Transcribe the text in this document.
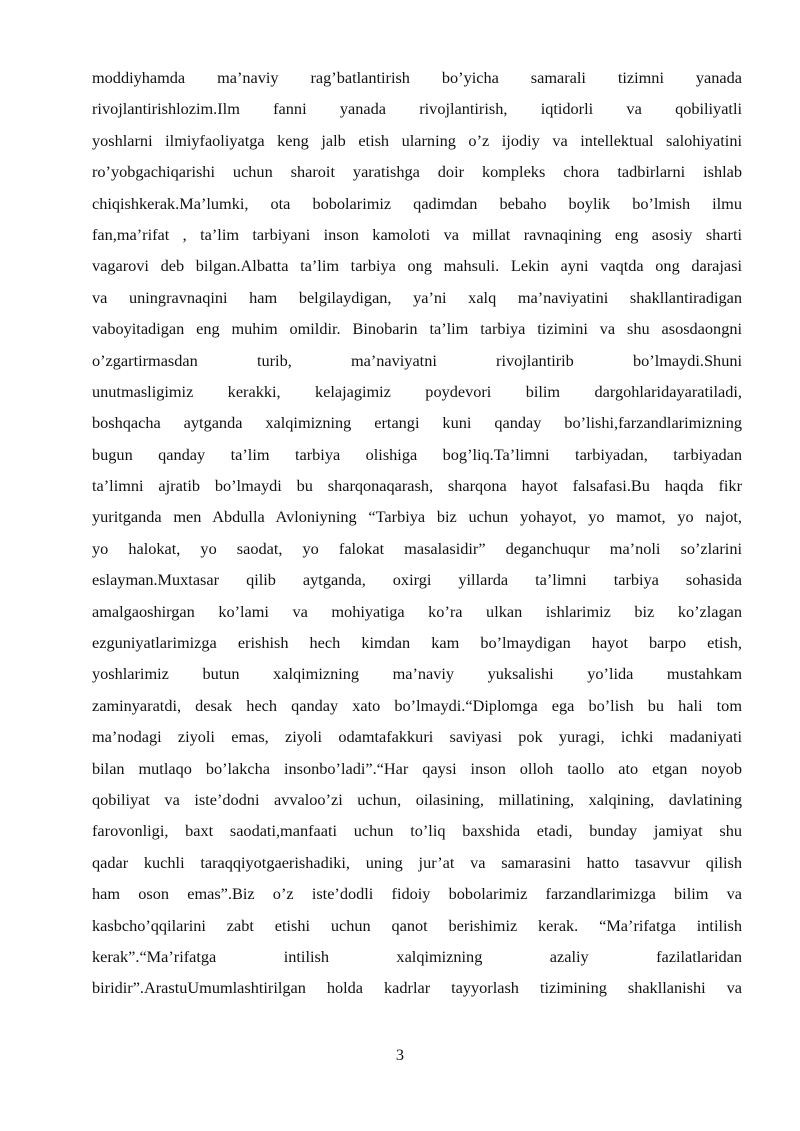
moddiyhamda ma’naviy rag’batlantirish bo’yicha samarali tizimni yanada
rivojlantirishlozim.Ilm fanni yanada rivojlantirish, iqtidorli va qobiliyatli
yoshlarni ilmiyfaoliyatga keng jalb etish ularning o’z ijodiy va intellektual salohiyatini
ro’yobgachiqarishi uchun sharoit yaratishga doir kompleks chora tadbirlarni ishlab
chiqishkerak.Ma’lumki, ota bobolarimiz qadimdan bebaho boylik bo’lmish ilmu
fan,ma’rifat , ta’lim tarbiyani inson kamoloti va millat ravnaqining eng asosiy sharti
vagarovi deb bilgan.Albatta ta’lim tarbiya ong mahsuli. Lekin ayni vaqtda ong darajasi
va uningravnaqini ham belgilaydigan, ya’ni xalq ma’naviyatini shakllantiradigan
vaboyitadigan eng muhim omildir. Binobarin ta’lim tarbiya tizimini va shu asosdaongni
o’zgartirmasdan turib, ma’naviyatni rivojlantirib bo’lmaydi.Shuni
unutmasligimiz kerakki, kelajagimiz poydevori bilim dargohlaridayaratiladi,
boshqacha aytganda xalqimizning ertangi kuni qanday bo’lishi,farzandlarimizning
bugun qanday ta’lim tarbiya olishiga bog’liq.Ta’limni tarbiyadan, tarbiyadan
ta’limni ajratib bo’lmaydi bu sharqonaqarash, sharqona hayot falsafasi.Bu haqda fikr
yuritganda men Abdulla Avloniyning “Tarbiya biz uchun yohayot, yo mamot, yo najot,
yo halokat, yo saodat, yo falokat masalasidir” deganchuqur ma’noli so’zlarini
eslayman.Muxtasar qilib aytganda, oxirgi yillarda ta’limni tarbiya sohasida
amalgaoshirgan ko’lami va mohiyatiga ko’ra ulkan ishlarimiz biz ko’zlagan
ezguniyatlarimizga erishish hech kimdan kam bo’lmaydigan hayot barpo etish,
yoshlarimiz butun xalqimizning ma’naviy yuksalishi yo’lida mustahkam
zaminyaratdi, desak hech qanday xato bo’lmaydi.“Diplomga ega bo’lish bu hali tom
ma’nodagi ziyoli emas, ziyoli odamtafakkuri saviyasi pok yuragi, ichki madaniyati
bilan mutlaqo bo’lakcha insonbo’ladi”.“Har qaysi inson olloh taollo ato etgan noyob
qobiliyat va iste’dodni avvaloo’zi uchun, oilasining, millatining, xalqining, davlatining
farovonligi, baxt saodati,manfaati uchun to’liq baxshida etadi, bunday jamiyat shu
qadar kuchli taraqqiyotgaerishadiki, uning jur’at va samarasini hatto tasavvur qilish
ham oson emas”.Biz o’z iste’dodli fidoiy bobolarimiz farzandlarimizga bilim va
kasbcho’qqilarini zabt etishi uchun qanot berishimiz kerak. “Ma’rifatga intilish
kerak”.“Ma’rifatga intilish xalqimizning azaliy fazilatlaridan
biridir”.ArastuUmumlashtirilgan holda kadrlar tayyorlash tizimining shakllanishi va
3
